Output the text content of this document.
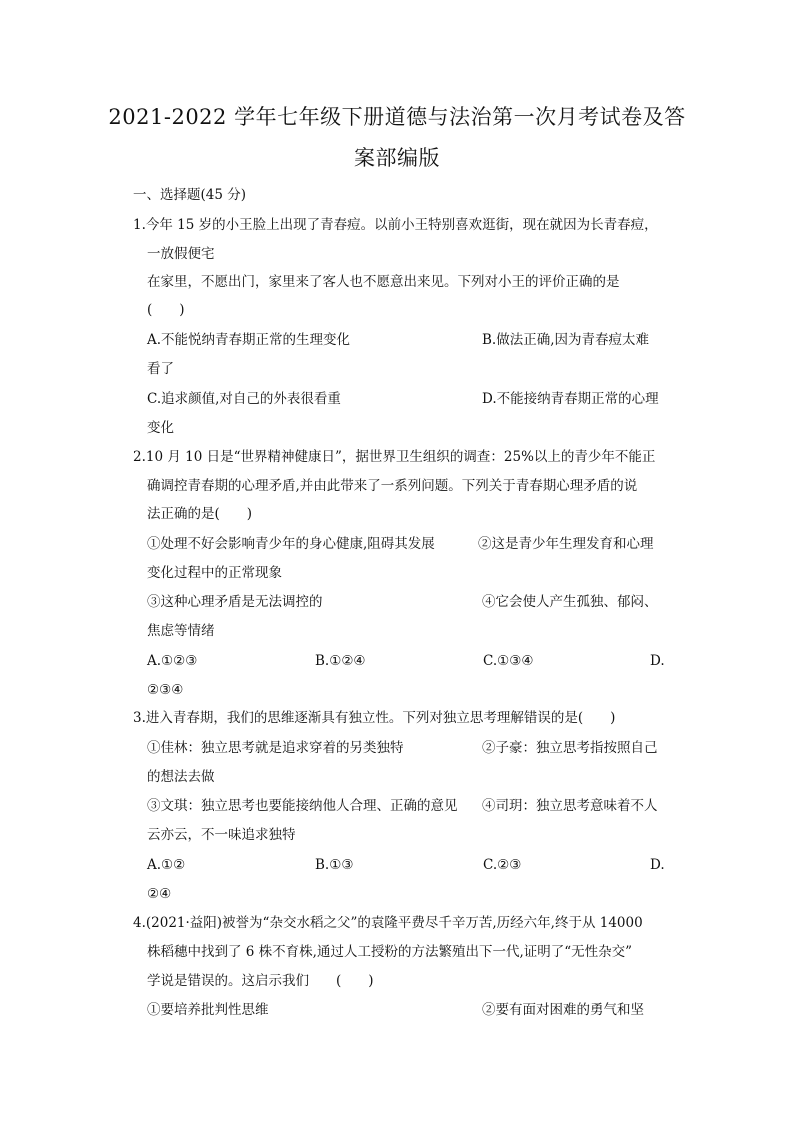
2021-2022 学年七年级下册道德与法治第一次月考试卷及答
案部编版
一、选择题(45 分)
1.今年 15 岁的小王脸上出现了青春痘。以前小王特别喜欢逛街，现在就因为长青春痘，
一放假便宅
在家里，不愿出门，家里来了客人也不愿意出来见。下列对小王的评价正确的是
(　　)
A.不能悦纳青春期正常的生理变化	B.做法正确,因为青春痘太难
看了
C.追求颜值,对自己的外表很看重	D.不能接纳青春期正常的心理
变化
2.10 月 10 日是“世界精神健康日”，据世界卫生组织的调查：25%以上的青少年不能正
确调控青春期的心理矛盾,并由此带来了一系列问题。下列关于青春期心理矛盾的说
法正确的是(　　)
①处理不好会影响青少年的身心健康,阻碍其发展	②这是青少年生理发育和心理
变化过程中的正常现象
③这种心理矛盾是无法调控的	④它会使人产生孤独、郁闷、
焦虑等情绪
A.①②③	B.①②④	C.①③④	D.
②③④
3.进入青春期，我们的思维逐渐具有独立性。下列对独立思考理解错误的是(　　)
①佳林：独立思考就是追求穿着的另类独特	②子豪：独立思考指按照自己
的想法去做
③文琪：独立思考也要能接纳他人合理、正确的意见 ④司玥：独立思考意味着不人
云亦云，不一味追求独特
A.①②	B.①③	C.②③	D.
②④
4.(2021·益阳)被誉为“杂交水稻之父”的袁隆平费尽千辛万苦,历经六年,终于从 14000
株稻穗中找到了 6 株不育株,通过人工授粉的方法繁殖出下一代,证明了“无性杂交”
学说是错误的。这启示我们　　(　　)
①要培养批判性思维	②要有面对困难的勇气和坚
